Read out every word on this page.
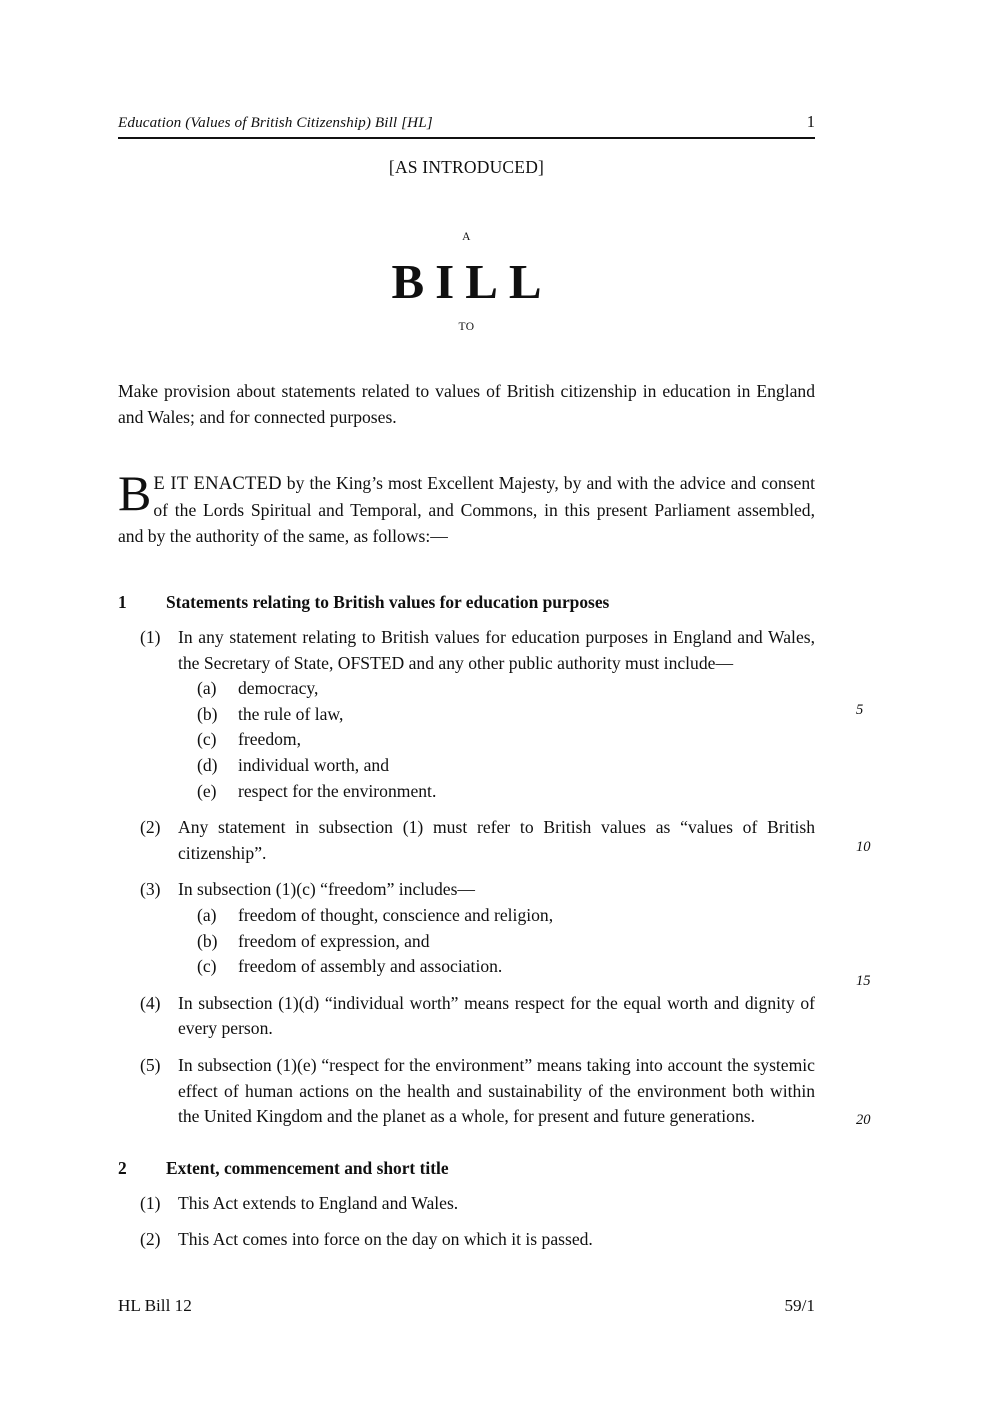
Education (Values of British Citizenship) Bill [HL]	1
[AS INTRODUCED]
A
BILL
TO
Make provision about statements related to values of British citizenship in education in England and Wales; and for connected purposes.
B E IT ENACTED by the King’s most Excellent Majesty, by and with the advice and consent of the Lords Spiritual and Temporal, and Commons, in this present Parliament assembled, and by the authority of the same, as follows:—
1	Statements relating to British values for education purposes
(1) In any statement relating to British values for education purposes in England and Wales, the Secretary of State, OFSTED and any other public authority must include—
(a)	democracy,
(b)	the rule of law,
(c)	freedom,
(d)	individual worth, and
(e)	respect for the environment.
(2) Any statement in subsection (1) must refer to British values as “values of British citizenship”.
(3) In subsection (1)(c) “freedom” includes—
(a)	freedom of thought, conscience and religion,
(b)	freedom of expression, and
(c)	freedom of assembly and association.
(4) In subsection (1)(d) “individual worth” means respect for the equal worth and dignity of every person.
(5) In subsection (1)(e) “respect for the environment” means taking into account the systemic effect of human actions on the health and sustainability of the environment both within the United Kingdom and the planet as a whole, for present and future generations.
2	Extent, commencement and short title
(1) This Act extends to England and Wales.
(2) This Act comes into force on the day on which it is passed.
5
10
15
20
HL Bill 12	59/1
